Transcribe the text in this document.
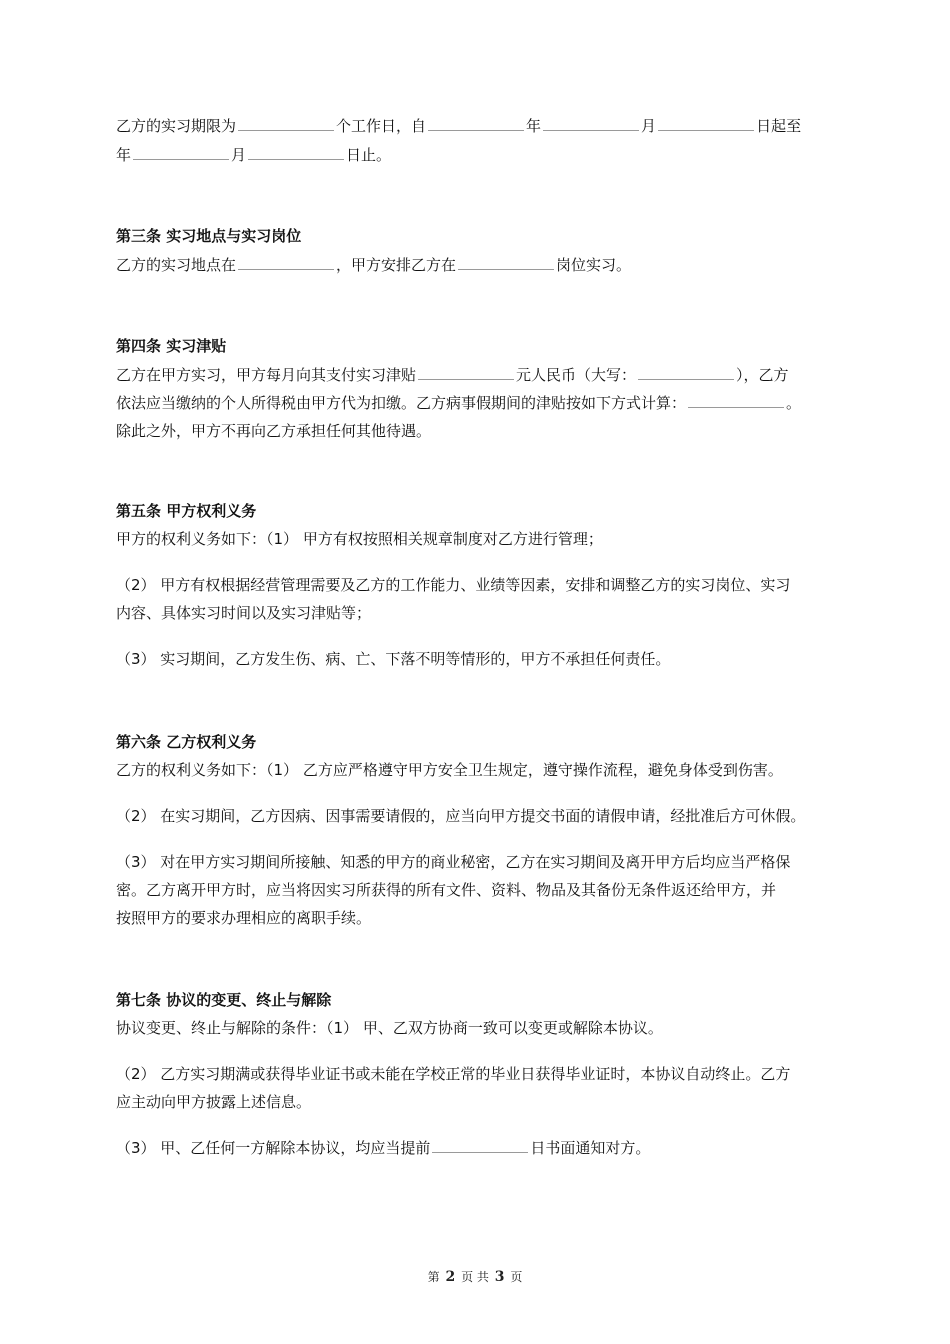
乙方的实习期限为	个工作日，自	年	月	日起至
年	月	日止。
第三条 实习地点与实习岗位
乙方的实习地点在	，甲方安排乙方在	岗位实习。
第四条 实习津贴
乙方在甲方实习，甲方每月向其支付实习津贴	元人民币（大写：	），乙方
依法应当缴纳的个人所得税由甲方代为扣缴。乙方病事假期间的津贴按如下方式计算：	。
除此之外，甲方不再向乙方承担任何其他待遇。
第五条 甲方权利义务
甲方的权利义务如下：（1） 甲方有权按照相关规章制度对乙方进行管理；
（2） 甲方有权根据经营管理需要及乙方的工作能力、业绩等因素，安排和调整乙方的实习岗位、实习
内容、具体实习时间以及实习津贴等；
（3） 实习期间，乙方发生伤、病、亡、下落不明等情形的，甲方不承担任何责任。
第六条 乙方权利义务
乙方的权利义务如下：（1） 乙方应严格遵守甲方安全卫生规定，遵守操作流程，避免身体受到伤害。
（2） 在实习期间，乙方因病、因事需要请假的，应当向甲方提交书面的请假申请，经批准后方可休假。
（3） 对在甲方实习期间所接触、知悉的甲方的商业秘密，乙方在实习期间及离开甲方后均应当严格保
密。乙方离开甲方时，应当将因实习所获得的所有文件、资料、物品及其备份无条件返还给甲方，并
按照甲方的要求办理相应的离职手续。
第七条 协议的变更、终止与解除
协议变更、终止与解除的条件：（1） 甲、乙双方协商一致可以变更或解除本协议。
（2） 乙方实习期满或获得毕业证书或未能在学校正常的毕业日获得毕业证时，本协议自动终止。乙方
应主动向甲方披露上述信息。
（3） 甲、乙任何一方解除本协议，均应当提前	日书面通知对方。
第 2 页 共 3 页
